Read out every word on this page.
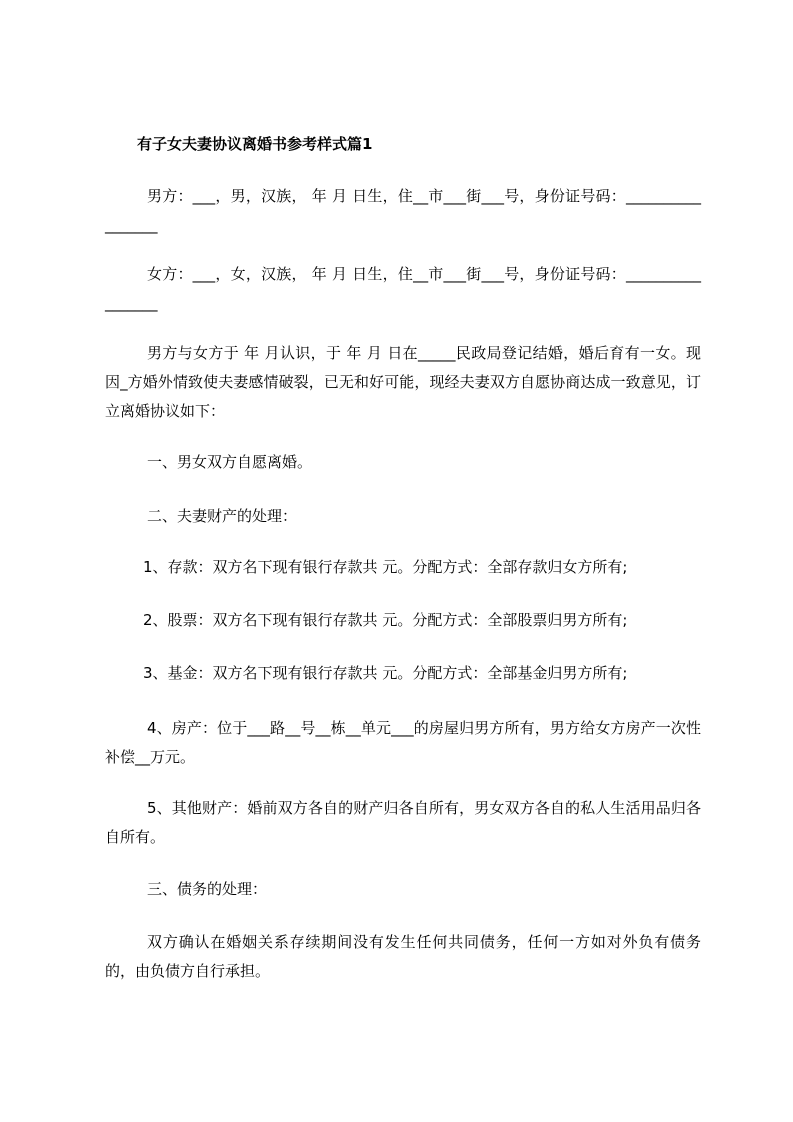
有子女夫妻协议离婚书参考样式篇1
男方：___，男，汉族， 年 月 日生，住__市___街___号，身份证号码：_________________
女方：___，女，汉族， 年 月 日生，住__市___街___号，身份证号码：_________________
男方与女方于 年 月认识，于 年 月 日在_____民政局登记结婚，婚后育有一女。现因_方婚外情致使夫妻感情破裂，已无和好可能，现经夫妻双方自愿协商达成一致意见，订立离婚协议如下：
一、男女双方自愿离婚。
二、夫妻财产的处理：
1、存款：双方名下现有银行存款共 元。分配方式：全部存款归女方所有;
2、股票：双方名下现有银行存款共 元。分配方式：全部股票归男方所有;
3、基金：双方名下现有银行存款共 元。分配方式：全部基金归男方所有;
4、房产：位于___路__号__栋__单元___的房屋归男方所有，男方给女方房产一次性补偿__万元。
5、其他财产：婚前双方各自的财产归各自所有，男女双方各自的私人生活用品归各自所有。
三、债务的处理：
双方确认在婚姻关系存续期间没有发生任何共同债务，任何一方如对外负有债务的，由负债方自行承担。
